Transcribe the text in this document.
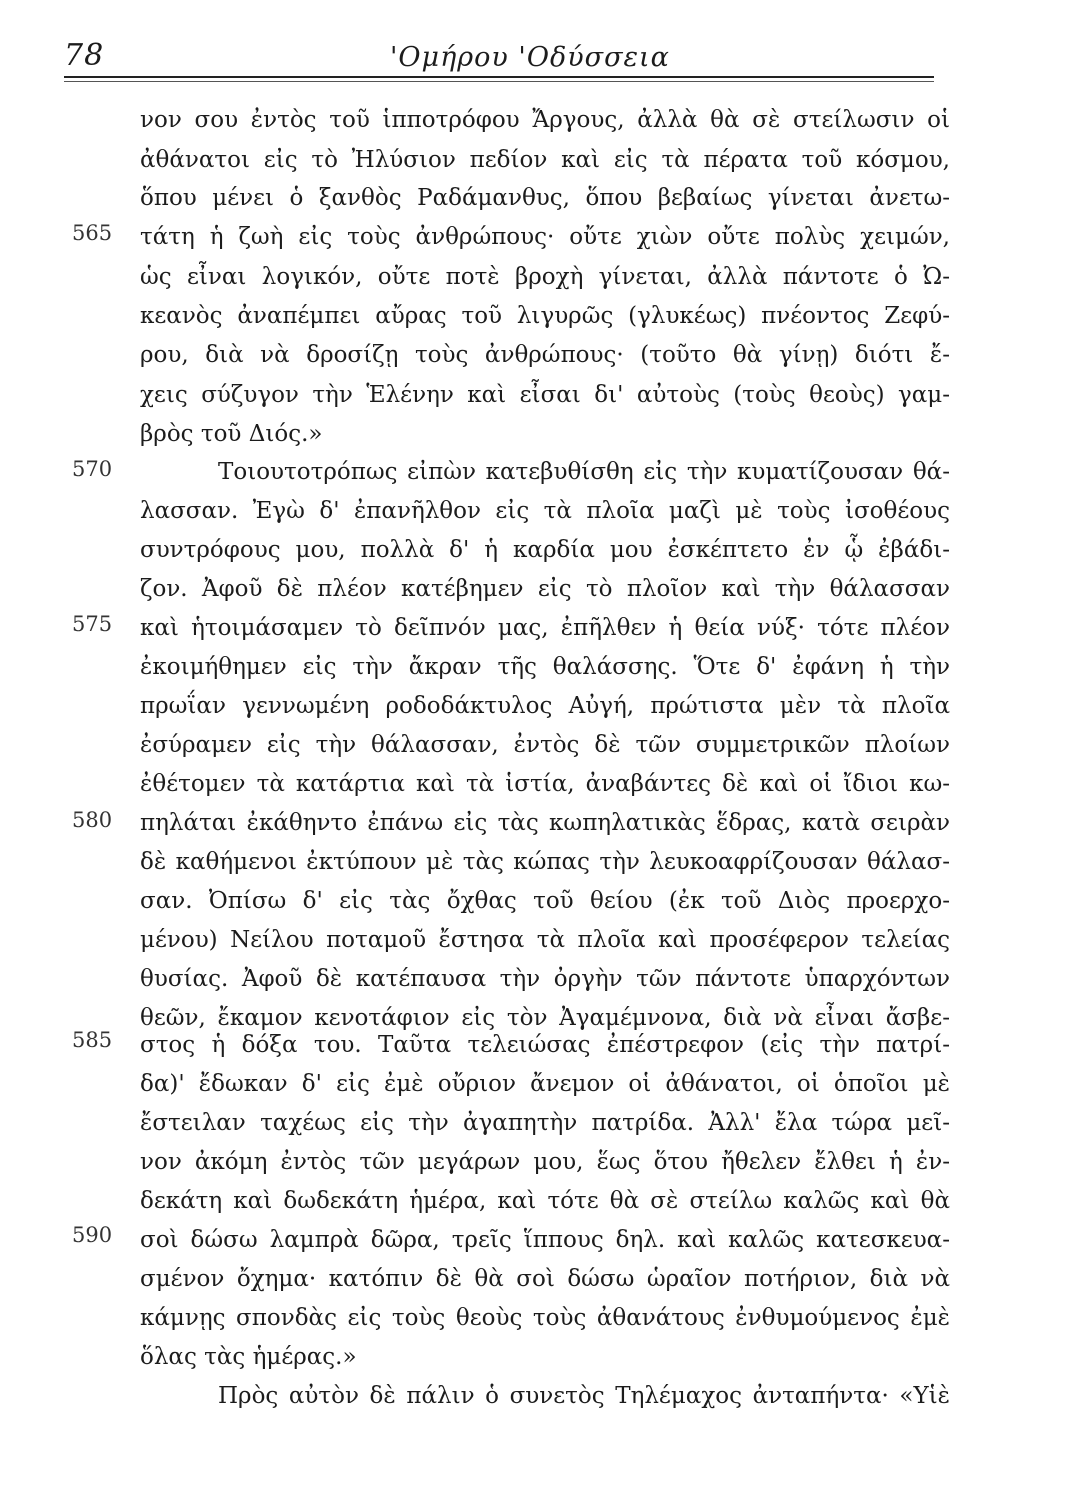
78	'Ομήρου 'Οδύσσεια
565
570
575
580
585
590
νον σου ἐντὸς τοῦ ἱπποτρόφου Ἄργους, ἀλλὰ θὰ σὲ στείλωσιν οἱ
ἀθάνατοι εἰς τὸ Ἠλύσιον πεδίον καὶ εἰς τὰ πέρατα τοῦ κόσμου,
ὅπου μένει ὁ ξανθὸς Ραδάμανθυς, ὅπου βεβαίως γίνεται ἀνετω-
τάτη ἡ ζωὴ εἰς τοὺς ἀνθρώπους· οὔτε χιὼν οὔτε πολὺς χειμών,
ὡς εἶναι λογικόν, οὔτε ποτὲ βροχὴ γίνεται, ἀλλὰ πάντοτε ὁ Ὠ-
κεανὸς ἀναπέμπει αὔρας τοῦ λιγυρῶς (γλυκέως) πνέοντος Ζεφύ-
ρου, διὰ νὰ δροσίζῃ τοὺς ἀνθρώπους· (τοῦτο θὰ γίνῃ) διότι ἔ-
χεις σύζυγον τὴν Ἑλένην καὶ εἶσαι δι' αὐτοὺς (τοὺς θεοὺς) γαμ-
βρὸς τοῦ Διός.»
Τοιουτοτρόπως εἰπὼν κατεβυθίσθη εἰς τὴν κυματίζουσαν θά-
λασσαν. Ἐγὼ δ' ἐπανῆλθον εἰς τὰ πλοῖα μαζὶ μὲ τοὺς ἰσοθέους
συντρόφους μου, πολλὰ δ' ἡ καρδία μου ἐσκέπτετο ἐν ᾧ ἐβάδι-
ζον. Ἀφοῦ δὲ πλέον κατέβημεν εἰς τὸ πλοῖον καὶ τὴν θάλασσαν
καὶ ἡτοιμάσαμεν τὸ δεῖπνόν μας, ἐπῆλθεν ἡ θεία νύξ· τότε πλέον
ἐκοιμήθημεν εἰς τὴν ἄκραν τῆς θαλάσσης. Ὅτε δ' ἐφάνη ἡ τὴν
πρωΐαν γεννωμένη ροδοδάκτυλος Αὐγή, πρώτιστα μὲν τὰ πλοῖα
ἐσύραμεν εἰς τὴν θάλασσαν, ἐντὸς δὲ τῶν συμμετρικῶν πλοίων
ἐθέτομεν τὰ κατάρτια καὶ τὰ ἱστία, ἀναβάντες δὲ καὶ οἱ ἴδιοι κω-
πηλάται ἐκάθηντο ἐπάνω εἰς τὰς κωπηλατικὰς ἕδρας, κατὰ σειρὰν
δὲ καθήμενοι ἐκτύπουν μὲ τὰς κώπας τὴν λευκοαφρίζουσαν θάλασ-
σαν. Ὀπίσω δ' εἰς τὰς ὄχθας τοῦ θείου (ἐκ τοῦ Διὸς προερχο-
μένου) Νείλου ποταμοῦ ἔστησα τὰ πλοῖα καὶ προσέφερον τελείας
θυσίας. Ἀφοῦ δὲ κατέπαυσα τὴν ὀργὴν τῶν πάντοτε ὑπαρχόντων
θεῶν, ἔκαμον κενοτάφιον εἰς τὸν Ἀγαμέμνονα, διὰ νὰ εἶναι ἄσβε-
στος ἡ δόξα του. Ταῦτα τελειώσας ἐπέστρεφον (εἰς τὴν πατρί-
δα)' ἔδωκαν δ' εἰς ἐμὲ οὔριον ἄνεμον οἱ ἀθάνατοι, οἱ ὁποῖοι μὲ
ἔστειλαν ταχέως εἰς τὴν ἀγαπητὴν πατρίδα. Ἀλλ' ἔλα τώρα μεῖ-
νον ἀκόμη ἐντὸς τῶν μεγάρων μου, ἕως ὅτου ἤθελεν ἔλθει ἡ ἐν-
δεκάτη καὶ δωδεκάτη ἡμέρα, καὶ τότε θὰ σὲ στείλω καλῶς καὶ θὰ
σοὶ δώσω λαμπρὰ δῶρα, τρεῖς ἵππους δηλ. καὶ καλῶς κατεσκευα-
σμένον ὄχημα· κατόπιν δὲ θὰ σοὶ δώσω ὡραῖον ποτήριον, διὰ νὰ
κάμνῃς σπονδὰς εἰς τοὺς θεοὺς τοὺς ἀθανάτους ἐνθυμούμενος ἐμὲ
ὅλας τὰς ἡμέρας.»
Πρὸς αὐτὸν δὲ πάλιν ὁ συνετὸς Τηλέμαχος ἀνταπήντα· «Υἱὲ
